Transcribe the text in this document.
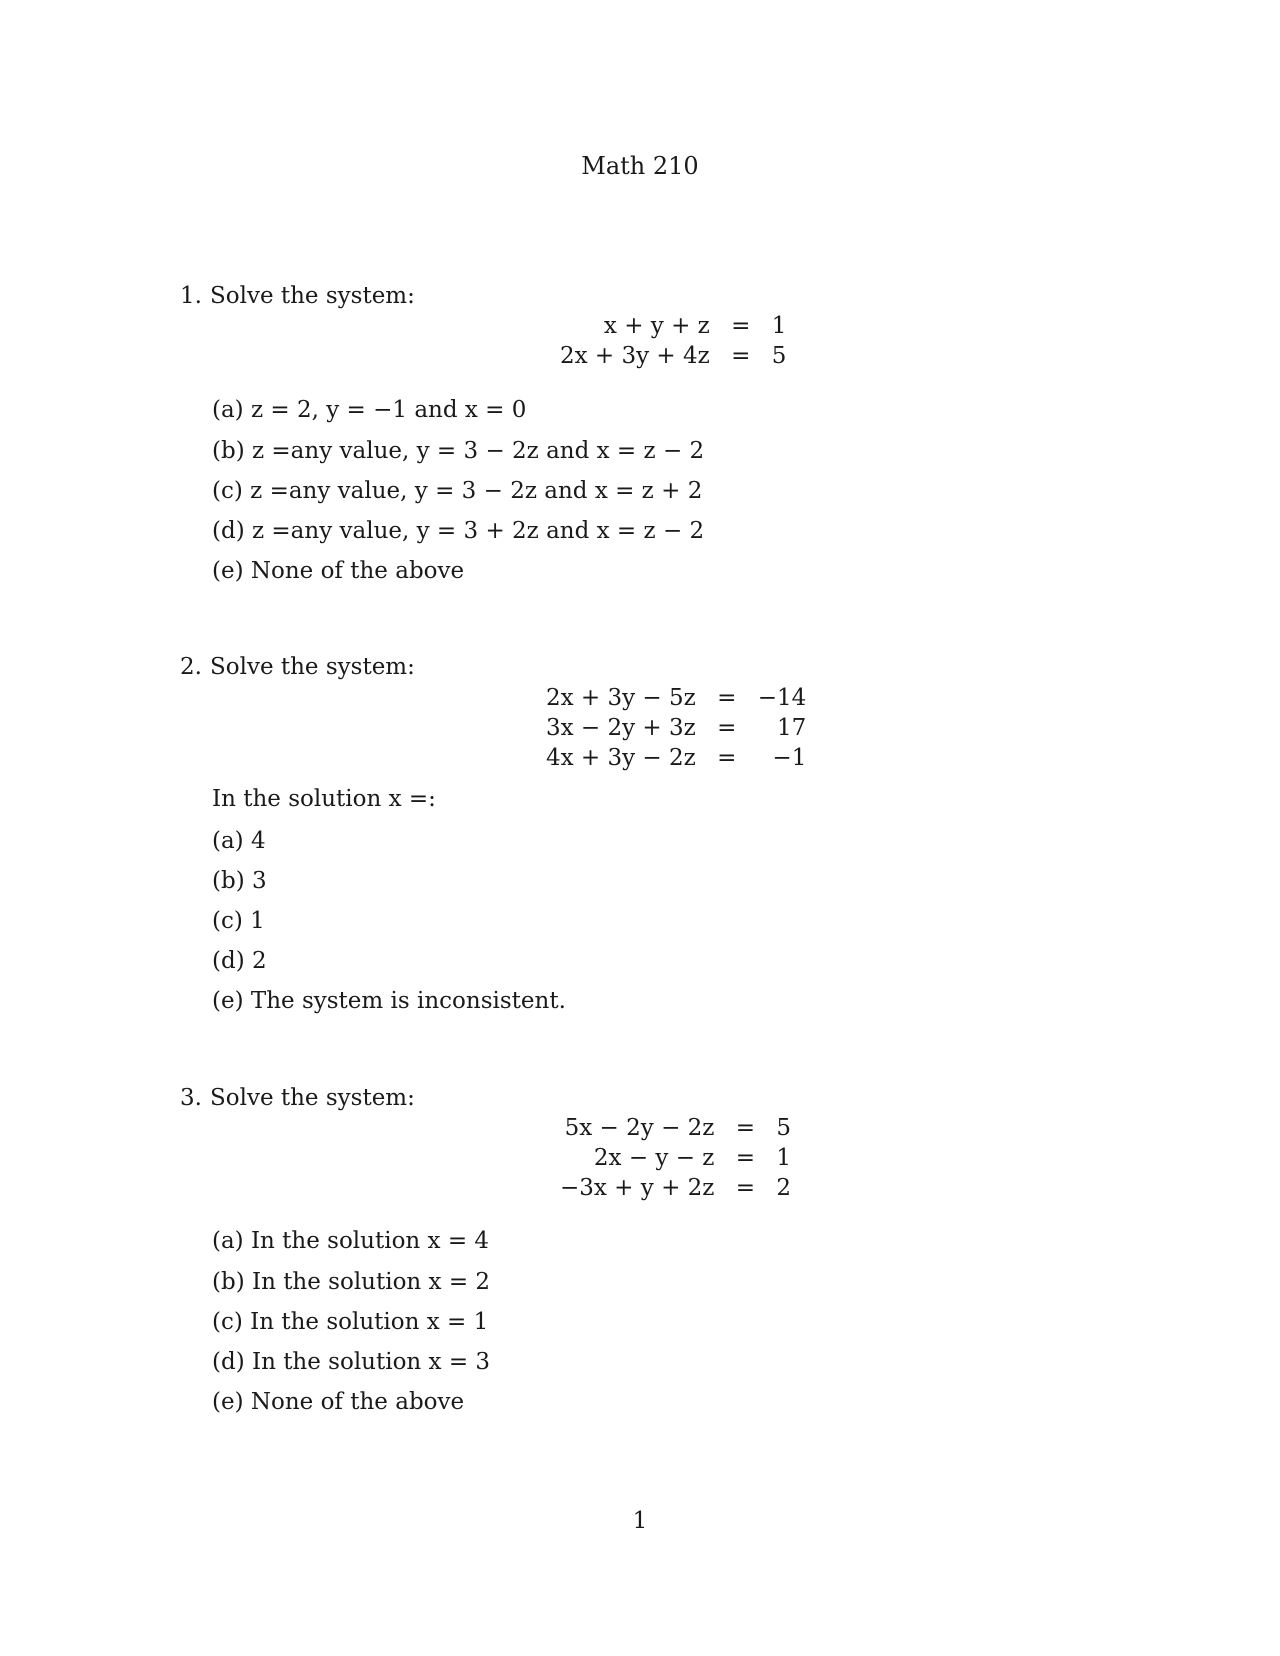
Math 210
1. Solve the system:
x + y + z	=	1
2x + 3y + 4z	=	5
(a) z = 2, y = −1 and x = 0
(b) z =any value, y = 3 − 2z and x = z − 2
(c) z =any value, y = 3 − 2z and x = z + 2
(d) z =any value, y = 3 + 2z and x = z − 2
(e) None of the above
2. Solve the system:
2x + 3y − 5z	=	−14
3x − 2y + 3z	=	17
4x + 3y − 2z	=	−1
In the solution x =:
(a) 4
(b) 3
(c) 1
(d) 2
(e) The system is inconsistent.
3. Solve the system:
5x − 2y − 2z	=	5
2x − y − z	=	1
−3x + y + 2z	=	2
(a) In the solution x = 4
(b) In the solution x = 2
(c) In the solution x = 1
(d) In the solution x = 3
(e) None of the above
1
